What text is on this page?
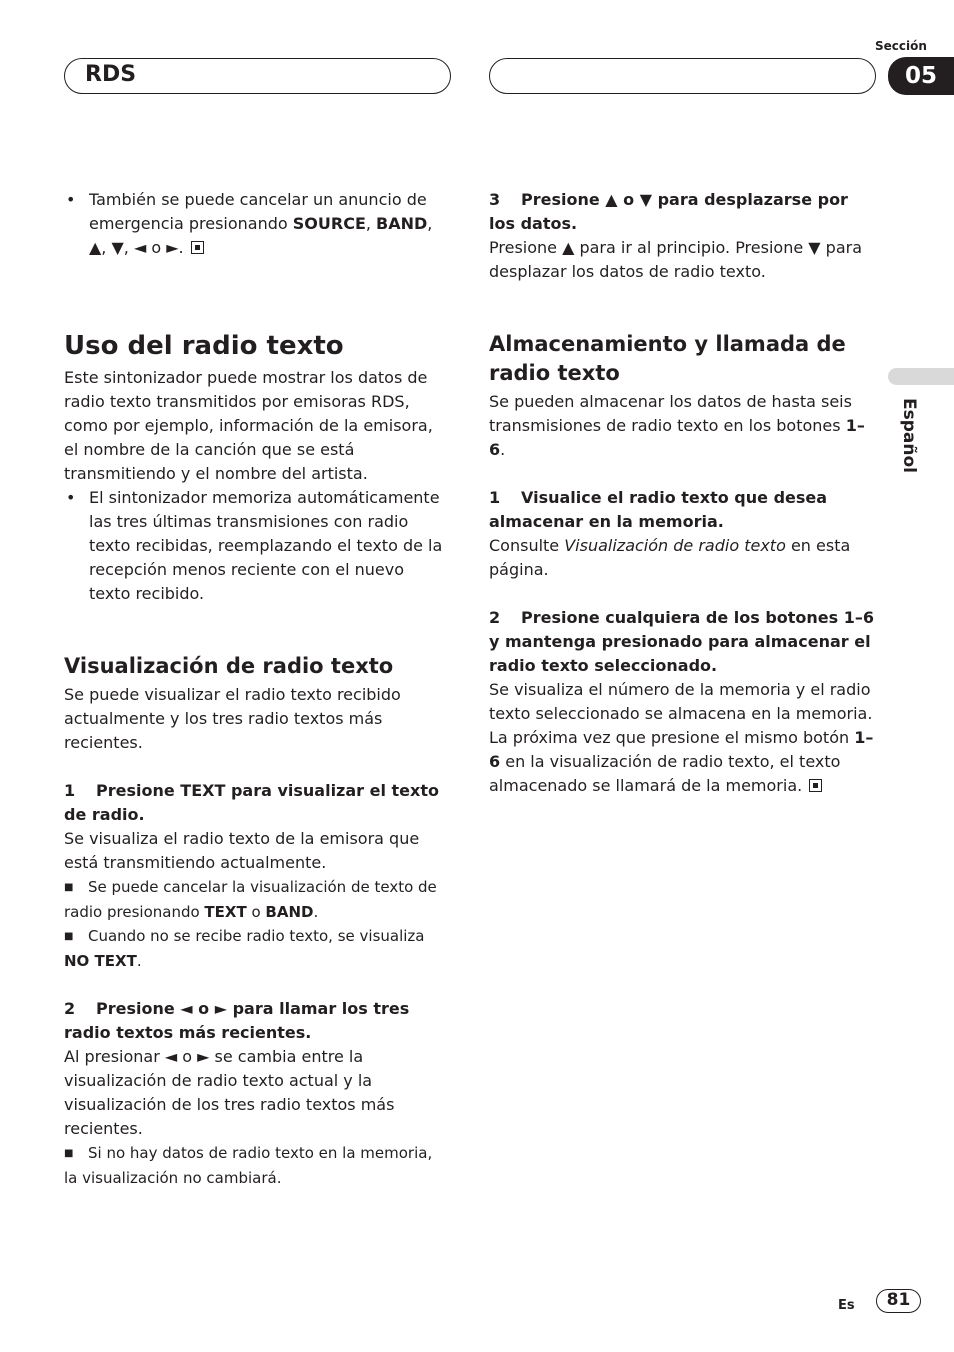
RDS
Sección
05
Español

• También se puede cancelar un anuncio de emergencia presionando SOURCE, BAND, ▲, ▼, ◄ o ►.

Uso del radio texto

Este sintonizador puede mostrar los datos de radio texto transmitidos por emisoras RDS, como por ejemplo, información de la emisora, el nombre de la canción que se está transmitiendo y el nombre del artista.

• El sintonizador memoriza automáticamente las tres últimas transmisiones con radio texto recibidas, reemplazando el texto de la recepción menos reciente con el nuevo texto recibido.

Visualización de radio texto

Se puede visualizar el radio texto recibido actualmente y los tres radio textos más recientes.

1 Presione TEXT para visualizar el texto de radio.

Se visualiza el radio texto de la emisora que está transmitiendo actualmente.

■ Se puede cancelar la visualización de texto de radio presionando TEXT o BAND.

■ Cuando no se recibe radio texto, se visualiza NO TEXT.

2 Presione ◄ o ► para llamar los tres radio textos más recientes.

Al presionar ◄ o ► se cambia entre la visualización de radio texto actual y la visualización de los tres radio textos más recientes.

■ Si no hay datos de radio texto en la memoria, la visualización no cambiará.

3 Presione ▲ o ▼ para desplazarse por los datos.

Presione ▲ para ir al principio. Presione ▼ para desplazar los datos de radio texto.

Almacenamiento y llamada de radio texto

Se pueden almacenar los datos de hasta seis transmisiones de radio texto en los botones 1–6.

1 Visualice el radio texto que desea almacenar en la memoria.

Consulte Visualización de radio texto en esta página.

2 Presione cualquiera de los botones 1–6 y mantenga presionado para almacenar el radio texto seleccionado.

Se visualiza el número de la memoria y el radio texto seleccionado se almacena en la memoria.

La próxima vez que presione el mismo botón 1–6 en la visualización de radio texto, el texto almacenado se llamará de la memoria.

Es	81
